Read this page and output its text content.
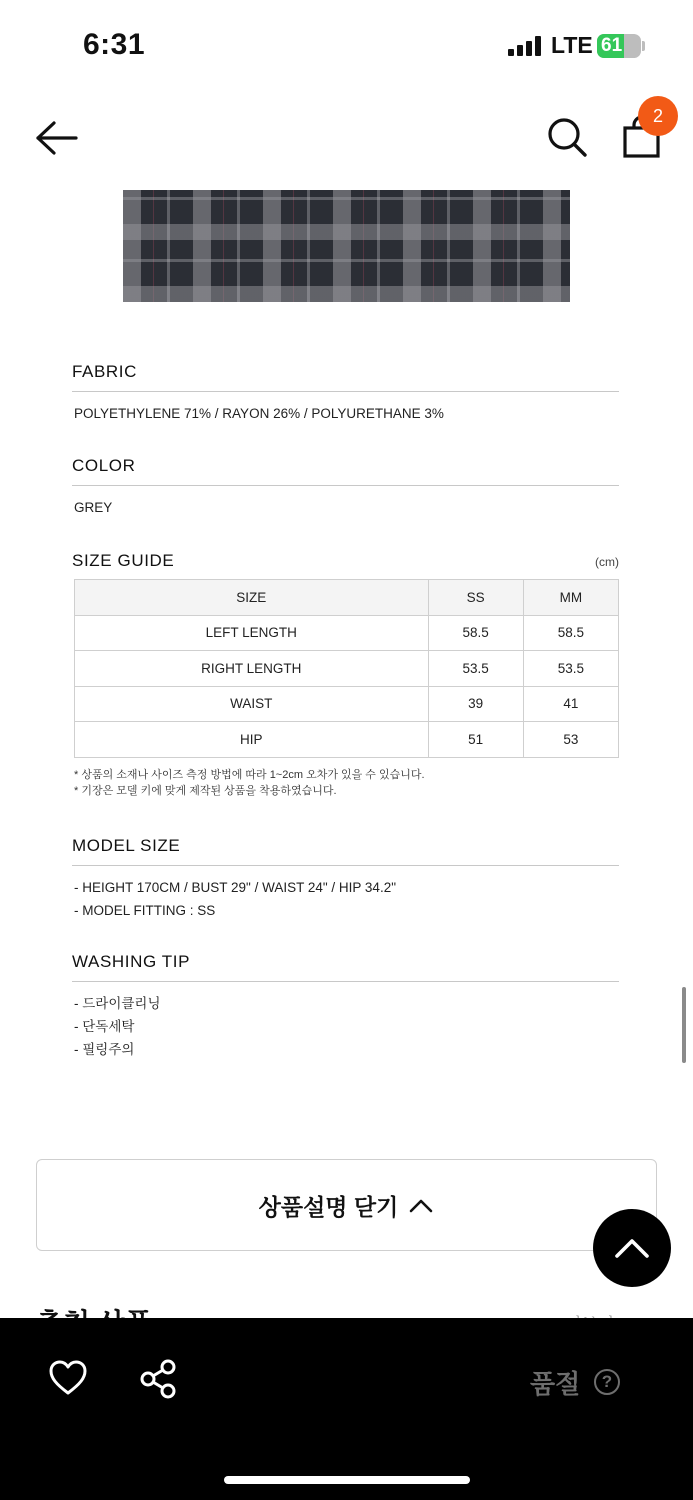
6:31	LTE 61
2
FABRIC
POLYETHYLENE 71% / RAYON 26% / POLYURETHANE 3%
COLOR
GREY
SIZE GUIDE	(cm)
SIZE	SS	MM
LEFT LENGTH	58.5	58.5
RIGHT LENGTH	53.5	53.5
WAIST	39	41
HIP	51	53
* 상품의 소재나 사이즈 측정 방법에 따라 1~2cm 오차가 있을 수 있습니다.
* 기장은 모델 키에 맞게 제작된 상품을 착용하였습니다.
MODEL SIZE
- HEIGHT 170CM / BUST 29" / WAIST 24" / HIP 34.2"
- MODEL FITTING : SS
WASHING TIP
- 드라이클리닝
- 단독세탁
- 필링주의
상품설명 닫기
품절	?
